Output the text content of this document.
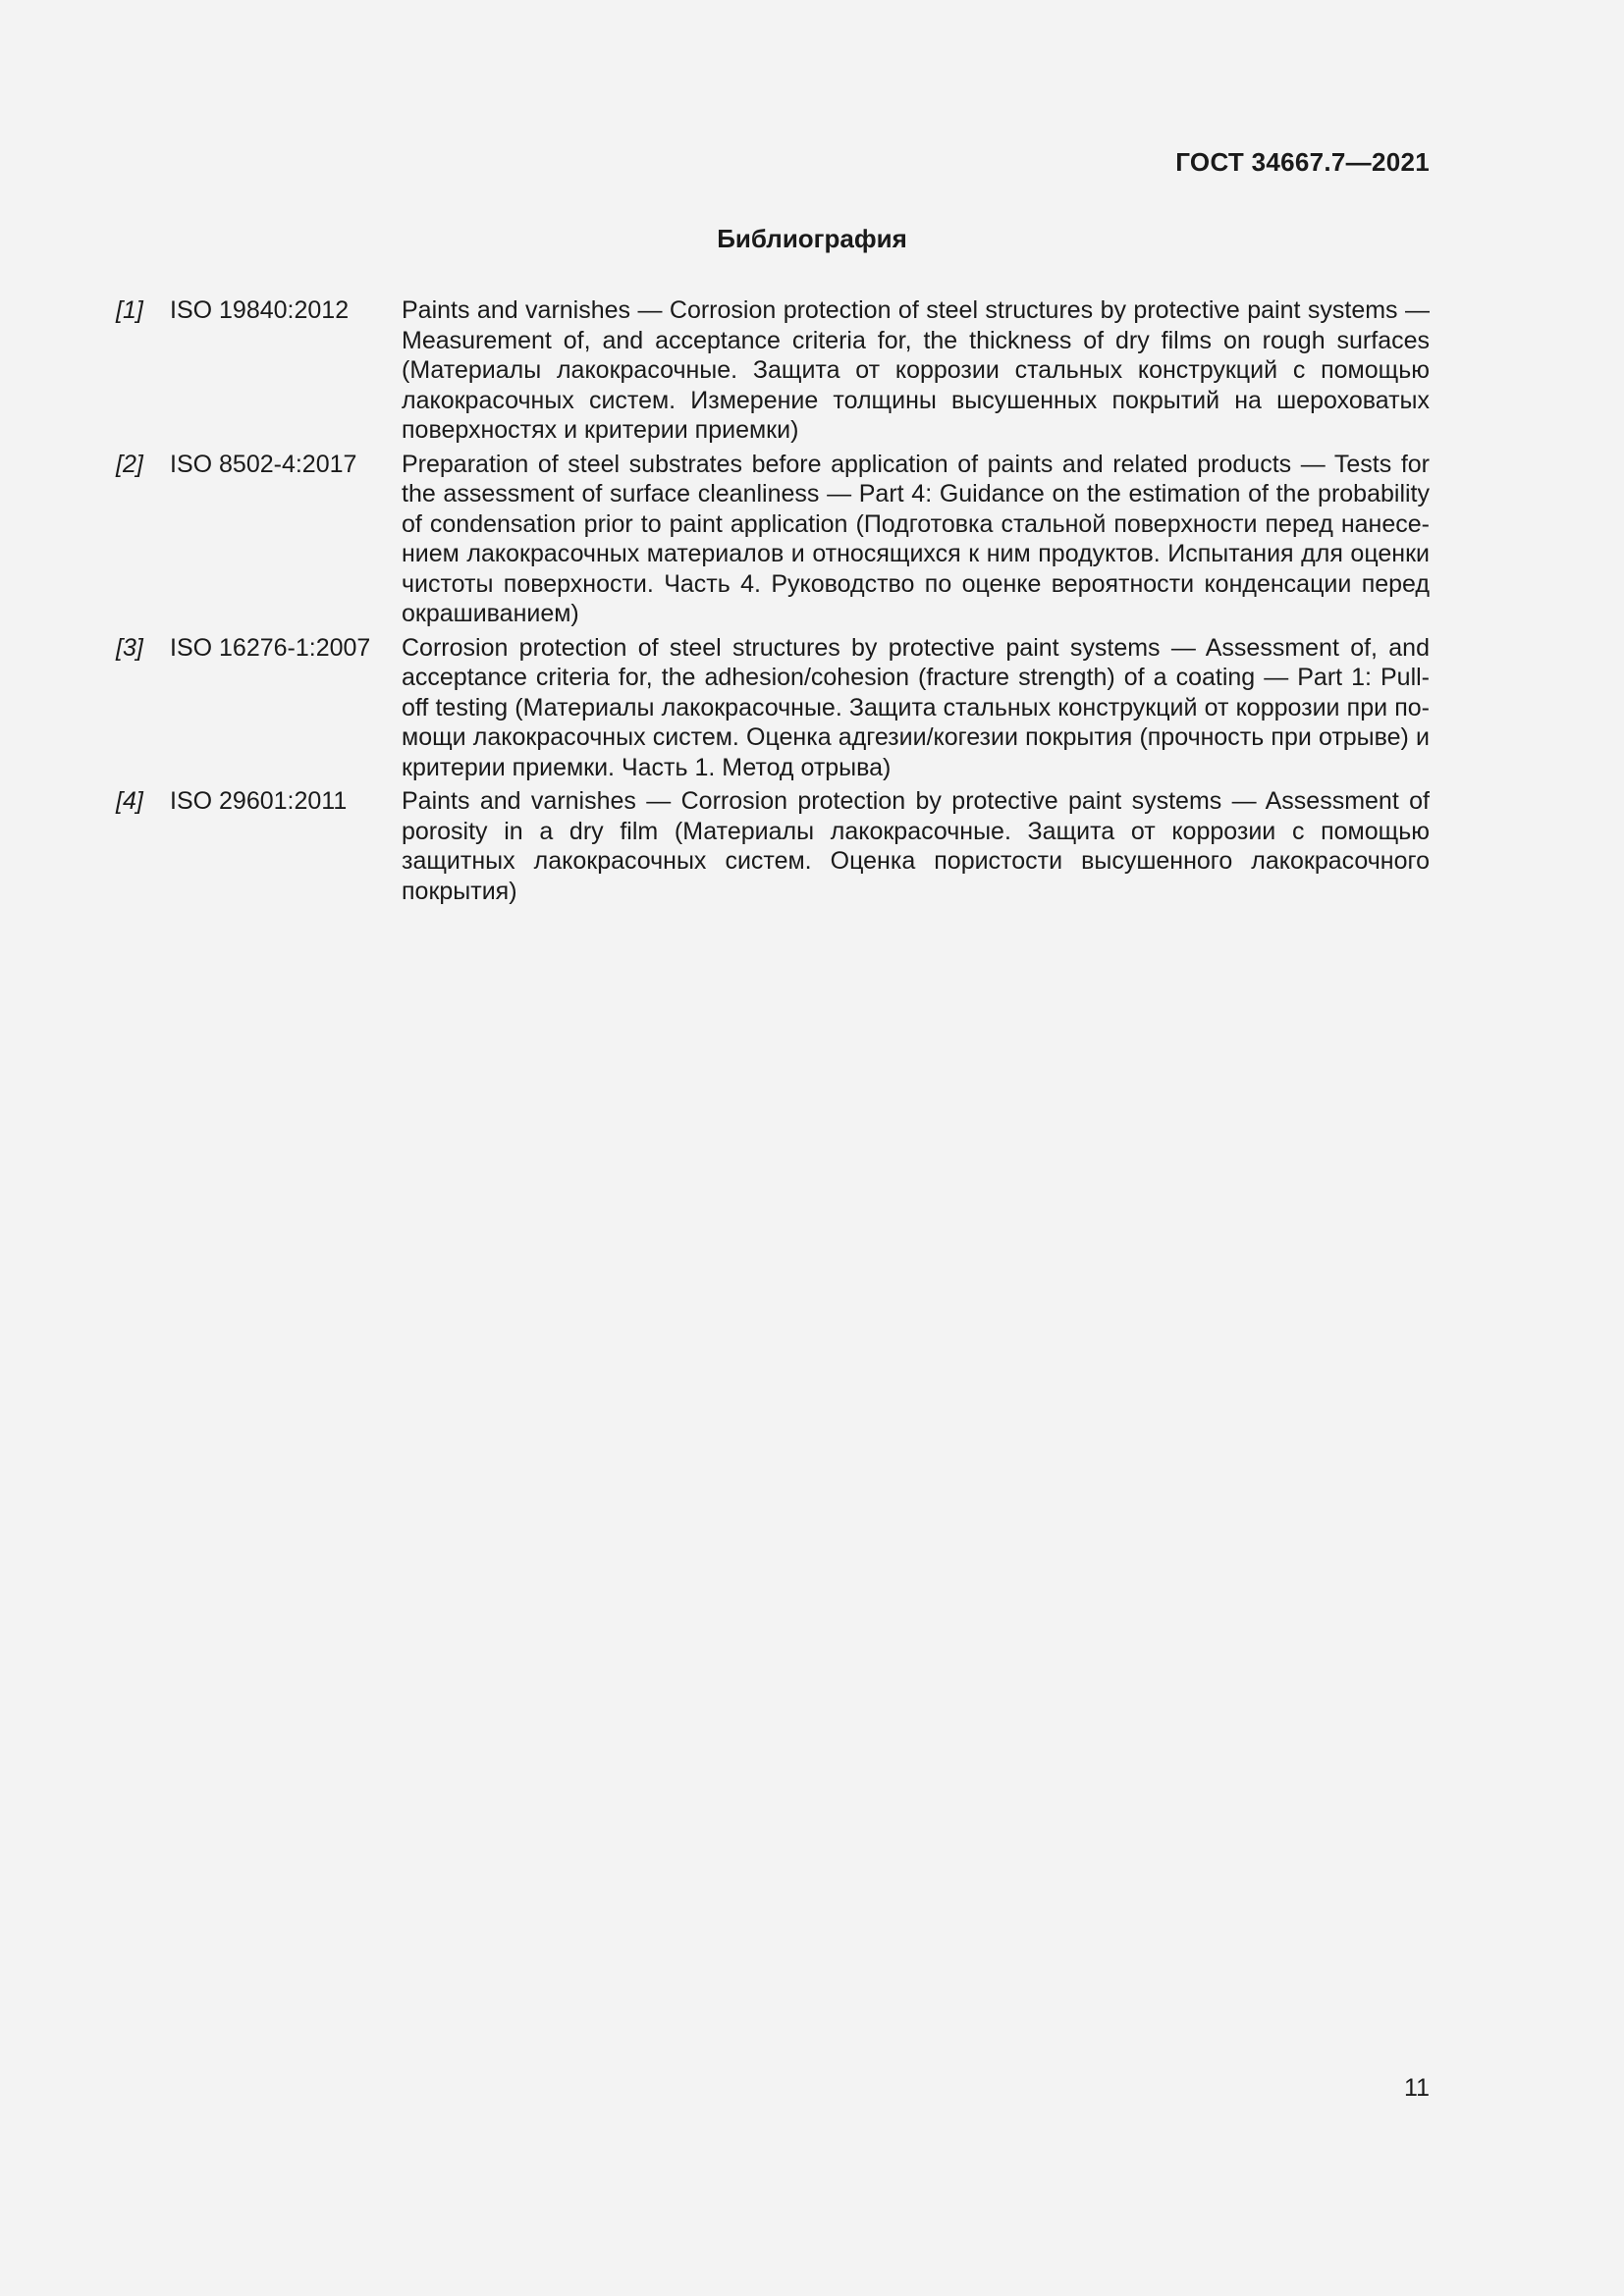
ГОСТ 34667.7—2021
Библиография
[1]	ISO 19840:2012	Paints and varnishes — Corrosion protection of steel structures by protective paint systems — Measurement of, and acceptance criteria for, the thickness of dry films on rough surfaces (Материалы лакокрасочные. Защита от коррозии стальных конструкций с помощью лакокрасочных систем. Измерение толщины высушенных покрытий на шероховатых поверхностях и критерии приемки)
[2]	ISO 8502-4:2017	Preparation of steel substrates before application of paints and related products — Tests for the assessment of surface cleanliness — Part 4: Guidance on the estimation of the probability of condensation prior to paint application (Подготовка стальной поверхности перед нанесением лакокрасочных материалов и относящихся к ним продуктов. Испытания для оценки чистоты поверхности. Часть 4. Руководство по оценке вероятности конденсации перед окрашиванием)
[3]	ISO 16276-1:2007	Corrosion protection of steel structures by protective paint systems — Assessment of, and acceptance criteria for, the adhesion/cohesion (fracture strength) of a coating — Part 1: Pull-off testing (Материалы лакокрасочные. Защита стальных конструкций от коррозии при помощи лакокрасочных систем. Оценка адгезии/когезии покрытия (прочность при отрыве) и критерии приемки. Часть 1. Метод отрыва)
[4]	ISO 29601:2011	Paints and varnishes — Corrosion protection by protective paint systems — Assessment of porosity in a dry film (Материалы лакокрасочные. Защита от коррозии с помощью защитных лакокрасочных систем. Оценка пористости высушенного лакокрасочного покрытия)
11
